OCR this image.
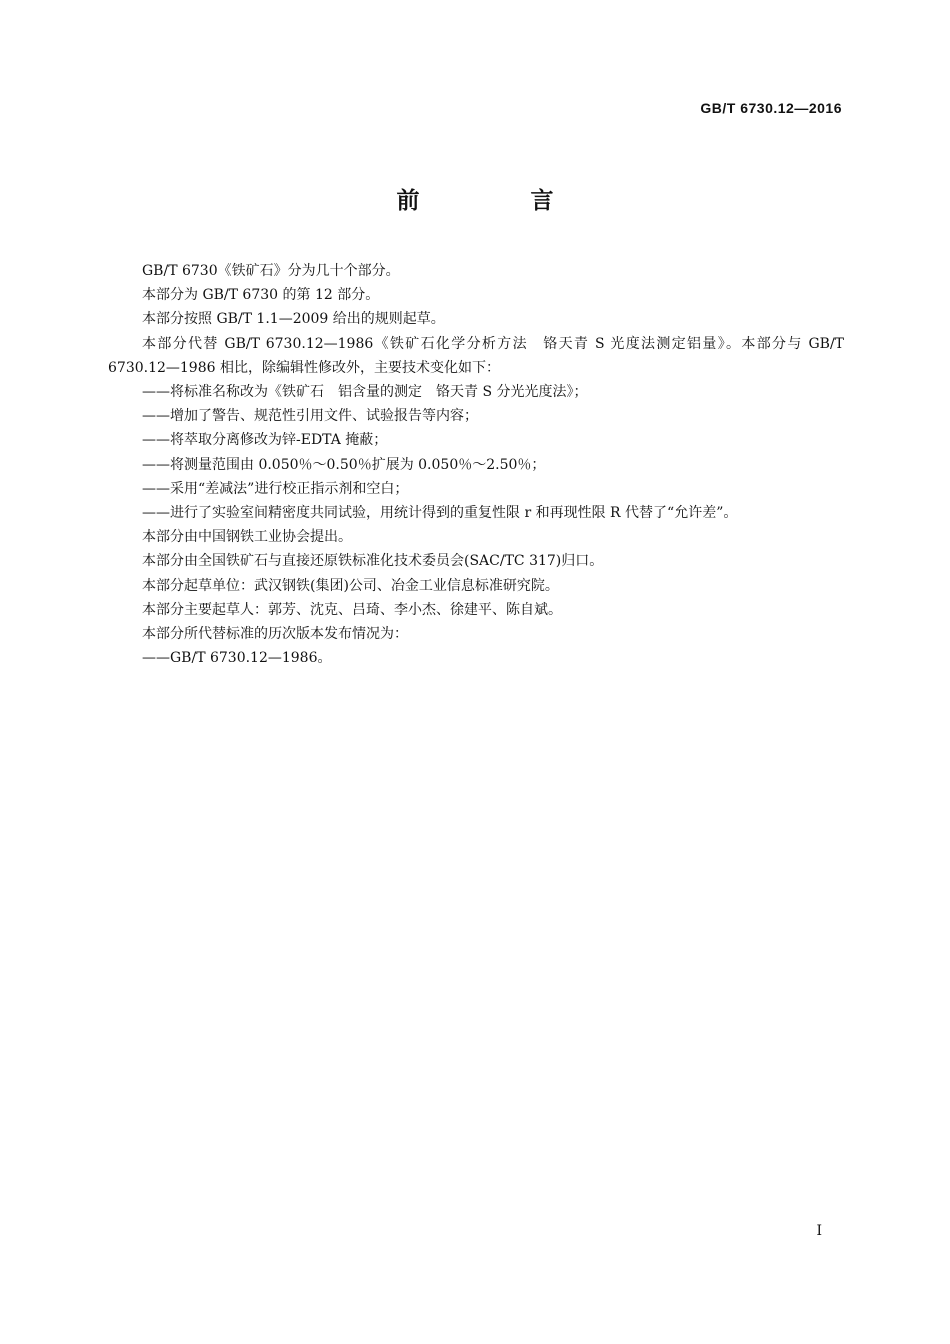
GB/T 6730.12—2016
前　言

GB/T 6730《铁矿石》分为几十个部分。

本部分为 GB/T 6730 的第 12 部分。

本部分按照 GB/T 1.1—2009 给出的规则起草。

本部分代替 GB/T 6730.12—1986《铁矿石化学分析方法　铬天青 S 光度法测定铝量》。本部分与 GB/T 6730.12—1986 相比，除编辑性修改外，主要技术变化如下：

——将标准名称改为《铁矿石　铝含量的测定　铬天青 S 分光光度法》；

——增加了警告、规范性引用文件、试验报告等内容；

——将萃取分离修改为锌-EDTA 掩蔽；

——将测量范围由 0.050％～0.50％扩展为 0.050％～2.50％；

——采用“差减法”进行校正指示剂和空白；

——进行了实验室间精密度共同试验，用统计得到的重复性限 r 和再现性限 R 代替了“允许差”。

本部分由中国钢铁工业协会提出。

本部分由全国铁矿石与直接还原铁标准化技术委员会(SAC/TC 317)归口。

本部分起草单位：武汉钢铁(集团)公司、冶金工业信息标准研究院。

本部分主要起草人：郭芳、沈克、吕琦、李小杰、徐建平、陈自斌。

本部分所代替标准的历次版本发布情况为：

——GB/T 6730.12—1986。

I
